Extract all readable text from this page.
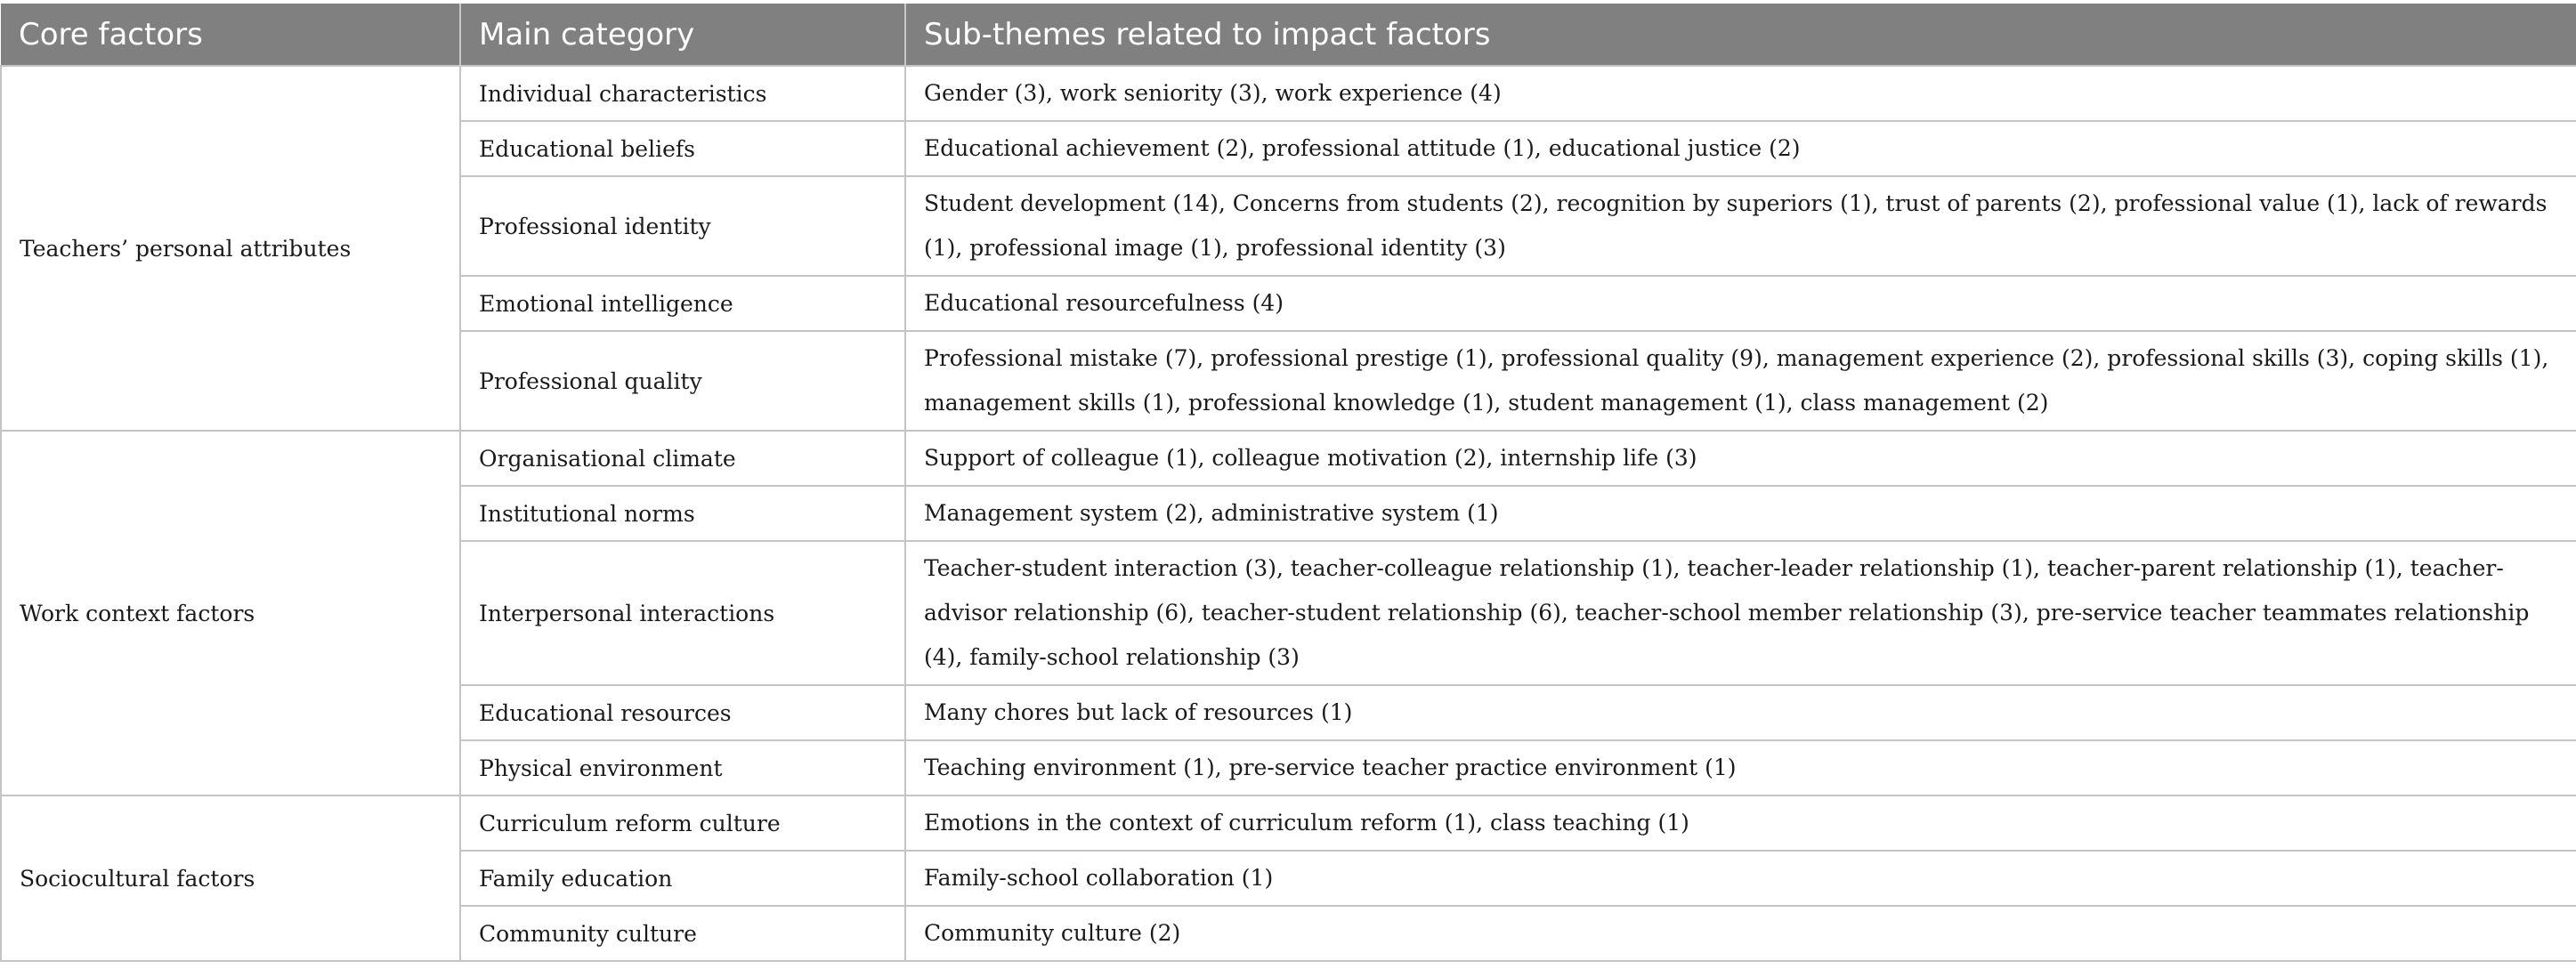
Core factors	Main category	Sub-themes related to impact factors
Teachers’ personal attributes	Individual characteristics	Gender (3), work seniority (3), work experience (4)
	Educational beliefs	Educational achievement (2), professional attitude (1), educational justice (2)
	Professional identity	Student development (14), Concerns from students (2), recognition by superiors (1), trust of parents (2), professional value (1), lack of rewards (1), professional image (1), professional identity (3)
	Emotional intelligence	Educational resourcefulness (4)
	Professional quality	Professional mistake (7), professional prestige (1), professional quality (9), management experience (2), professional skills (3), coping skills (1), management skills (1), professional knowledge (1), student management (1), class management (2)
Work context factors	Organisational climate	Support of colleague (1), colleague motivation (2), internship life (3)
	Institutional norms	Management system (2), administrative system (1)
	Interpersonal interactions	Teacher-student interaction (3), teacher-colleague relationship (1), teacher-leader relationship (1), teacher-parent relationship (1), teacher-advisor relationship (6), teacher-student relationship (6), teacher-school member relationship (3), pre-service teacher teammates relationship (4), family-school relationship (3)
	Educational resources	Many chores but lack of resources (1)
	Physical environment	Teaching environment (1), pre-service teacher practice environment (1)
Sociocultural factors	Curriculum reform culture	Emotions in the context of curriculum reform (1), class teaching (1)
	Family education	Family-school collaboration (1)
	Community culture	Community culture (2)
